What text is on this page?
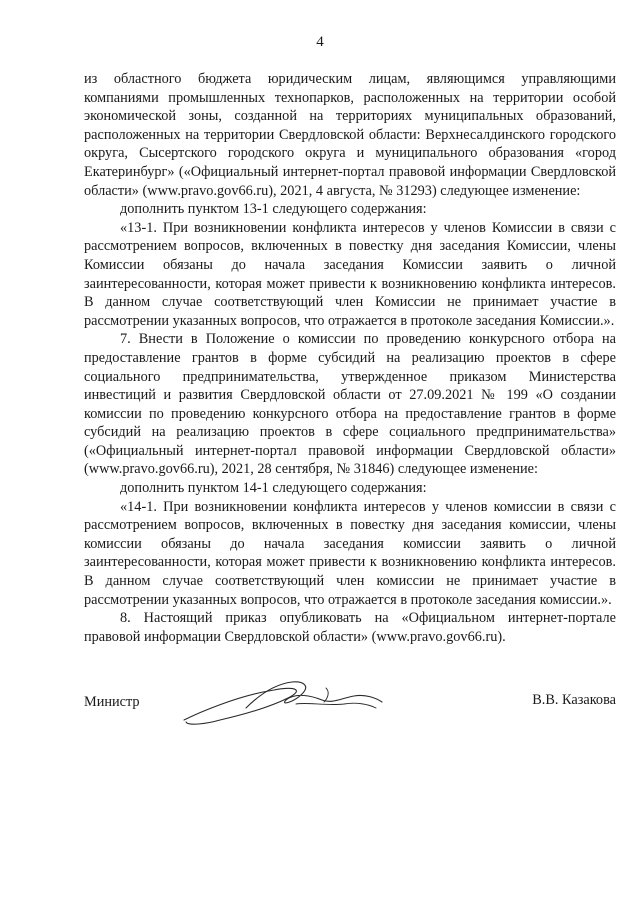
4

из областного бюджета юридическим лицам, являющимся управляющими компаниями промышленных технопарков, расположенных на территории особой экономической зоны, созданной на территориях муниципальных образований, расположенных на территории Свердловской области: Верхнесалдинского городского округа, Сысертского городского округа и муниципального образования «город Екатеринбург» («Официальный интернет-портал правовой информации Свердловской области» (www.pravo.gov66.ru), 2021, 4 августа, № 31293) следующее изменение:

дополнить пунктом 13-1 следующего содержания:

«13-1. При возникновении конфликта интересов у членов Комиссии в связи с рассмотрением вопросов, включенных в повестку дня заседания Комиссии, члены Комиссии обязаны до начала заседания Комиссии заявить о личной заинтересованности, которая может привести к возникновению конфликта интересов. В данном случае соответствующий член Комиссии не принимает участие в рассмотрении указанных вопросов, что отражается в протоколе заседания Комиссии.».

7. Внести в Положение о комиссии по проведению конкурсного отбора на предоставление грантов в форме субсидий на реализацию проектов в сфере социального предпринимательства, утвержденное приказом Министерства инвестиций и развития Свердловской области от 27.09.2021 № 199 «О создании комиссии по проведению конкурсного отбора на предоставление грантов в форме субсидий на реализацию проектов в сфере социального предпринимательства» («Официальный интернет-портал правовой информации Свердловской области» (www.pravo.gov66.ru), 2021, 28 сентября, № 31846) следующее изменение:

дополнить пунктом 14-1 следующего содержания:

«14-1. При возникновении конфликта интересов у членов комиссии в связи с рассмотрением вопросов, включенных в повестку дня заседания комиссии, члены комиссии обязаны до начала заседания комиссии заявить о личной заинтересованности, которая может привести к возникновению конфликта интересов. В данном случае соответствующий член комиссии не принимает участие в рассмотрении указанных вопросов, что отражается в протоколе заседания комиссии.».

8. Настоящий приказ опубликовать на «Официальном интернет-портале правовой информации Свердловской области» (www.pravo.gov66.ru).

Министр	В.В. Казакова
